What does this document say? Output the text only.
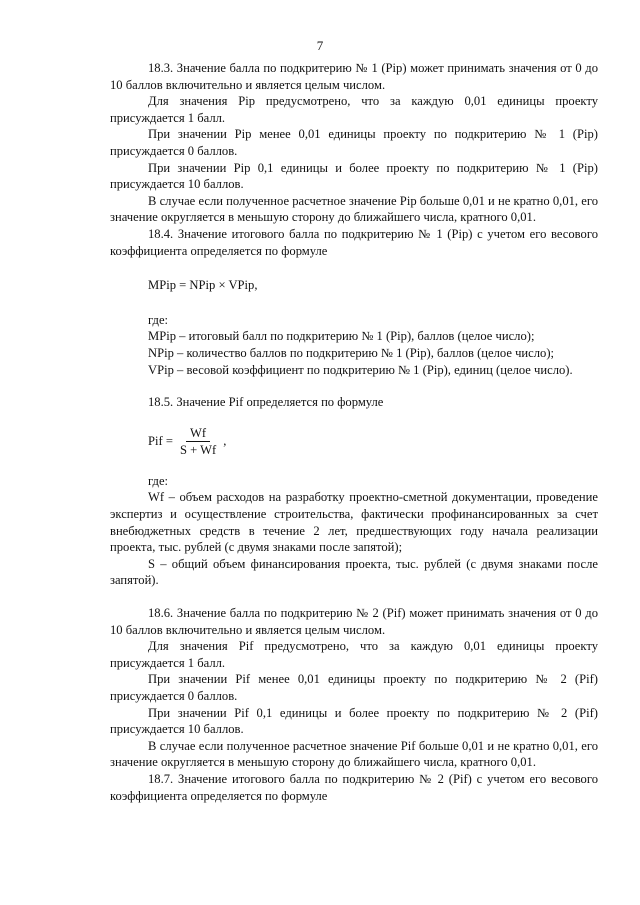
7

18.3. Значение балла по подкритерию № 1 (Pip) может принимать значения от 0 до 10 баллов включительно и является целым числом.

Для значения Pip предусмотрено, что за каждую 0,01 единицы проекту присуждается 1 балл.

При значении Pip менее 0,01 единицы проекту по подкритерию № 1 (Pip) присуждается 0 баллов.

При значении Pip 0,1 единицы и более проекту по подкритерию № 1 (Pip) присуждается 10 баллов.

В случае если полученное расчетное значение Pip больше 0,01 и не кратно 0,01, его значение округляется в меньшую сторону до ближайшего числа, кратного 0,01.

18.4. Значение итогового балла по подкритерию № 1 (Pip) с учетом его весового коэффициента определяется по формуле

MPip = NPip × VPip,

где:

MPip – итоговый балл по подкритерию № 1 (Pip), баллов (целое число);

NPip – количество баллов по подкритерию № 1 (Pip), баллов (целое число);

VPip – весовой коэффициент по подкритерию № 1 (Pip), единиц (целое число).

18.5. Значение Pif определяется по формуле

Pif = $\frac{Wf}{S + Wf}$ ,

где:

Wf – объем расходов на разработку проектно-сметной документации, проведение экспертиз и осуществление строительства, фактически профинансированных за счет внебюджетных средств в течение 2 лет, предшествующих году начала реализации проекта, тыс. рублей (с двумя знаками после запятой);

S – общий объем финансирования проекта, тыс. рублей (с двумя знаками после запятой).

18.6. Значение балла по подкритерию № 2 (Pif) может принимать значения от 0 до 10 баллов включительно и является целым числом.

Для значения Pif предусмотрено, что за каждую 0,01 единицы проекту присуждается 1 балл.

При значении Pif менее 0,01 единицы проекту по подкритерию № 2 (Pif) присуждается 0 баллов.

При значении Pif 0,1 единицы и более проекту по подкритерию № 2 (Pif) присуждается 10 баллов.

В случае если полученное расчетное значение Pif больше 0,01 и не кратно 0,01, его значение округляется в меньшую сторону до ближайшего числа, кратного 0,01.

18.7. Значение итогового балла по подкритерию № 2 (Pif) с учетом его весового коэффициента определяется по формуле
